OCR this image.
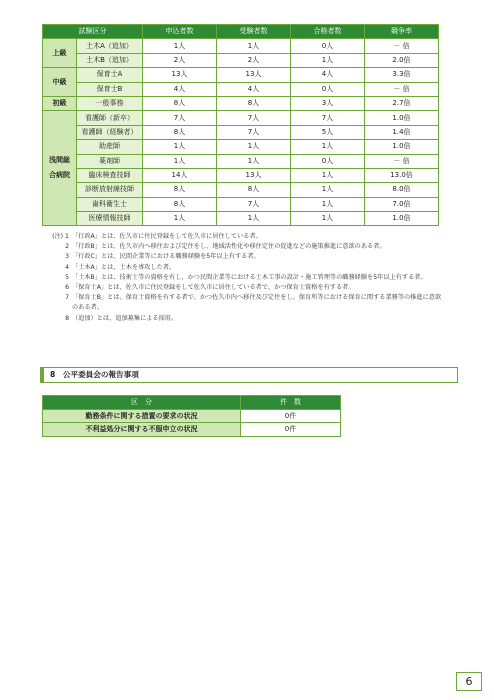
試験区分		申込者数	受験者数	合格者数	競争率
上級	土木A（追加）	1人	1人	0人	－ 倍
	土木B（追加）	2人	2人	1人	2.0倍
中級	保育士A	13人	13人	4人	3.3倍
	保育士B	4人	4人	0人	－ 倍
初級	一般事務	8人	8人	3人	2.7倍
浅間総合病院	看護師（新卒）	7人	7人	7人	1.0倍
	看護師（経験者）	8人	7人	5人	1.4倍
	助産師	1人	1人	1人	1.0倍
	薬剤師	1人	1人	0人	－ 倍
	臨床検査技師	14人	13人	1人	13.0倍
	診断放射線技師	8人	8人	1人	8.0倍
	歯科衛生士	8人	7人	1人	7.0倍
	医療情報技師	1人	1人	1人	1.0倍
(注) 1 「行政A」とは、佐久市に住民登録をして佐久市に居住している者。
2 「行政B」とは、佐久市内へ移住および定住をし、地域活性化や移住定住の促進などの施策推進に意欲のある者。
3 「行政C」とは、民間企業等における職務経験を5年以上有する者。
4 「土木A」とは、土木を専攻した者。
5 「土木B」とは、技術士等の資格を有し、かつ民間企業等における土木工事の設計・施工管理等の職務経験を5年以上有する者。
6 「保育士A」とは、佐久市に住民登録をして佐久市に居住している者で、かつ保育士資格を有する者。
7 「保育士B」とは、保育士資格を有する者で、かつ佐久市内へ移住及び定住をし、保育所等における保育に関する業務等の推進に意欲のある者。
8 （追加）とは、追加募集による採用。
8　公平委員会の報告事項
区　分	件　数
勤務条件に関する措置の要求の状況	0件
不利益処分に関する不服申立の状況	0件
6
